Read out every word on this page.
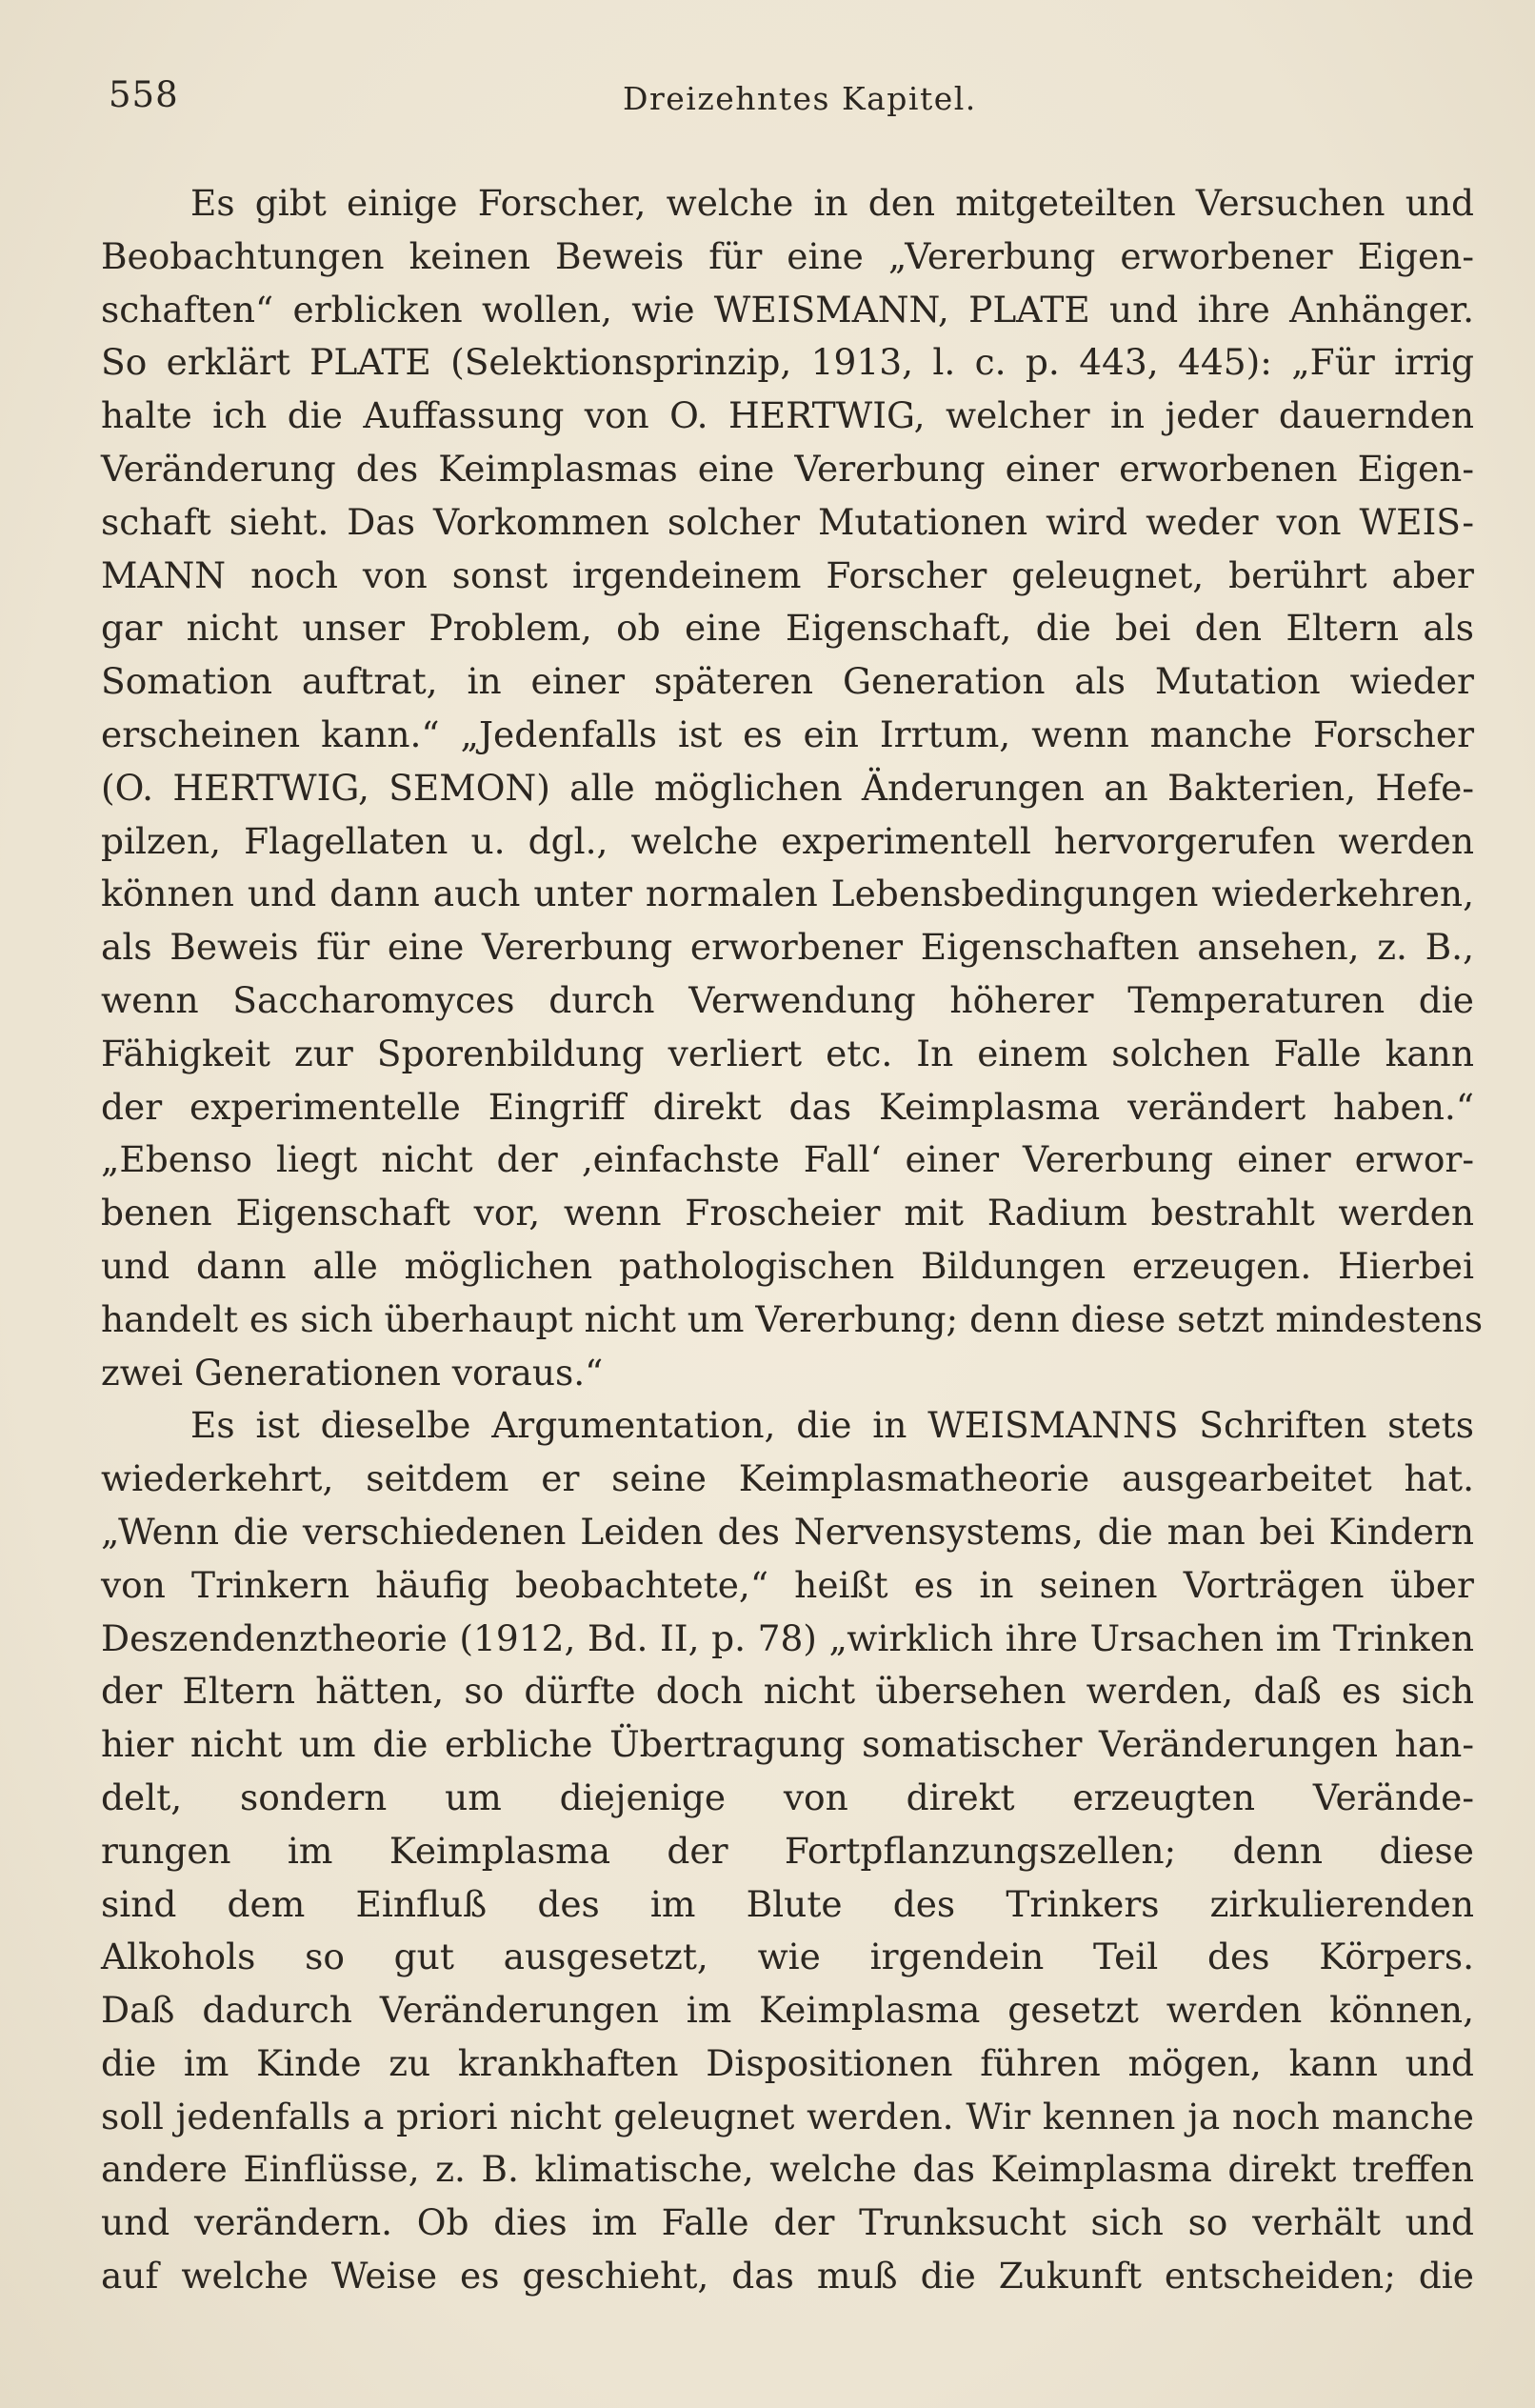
558	Dreizehntes Kapitel.
Es gibt einige Forscher, welche in den mitgeteilten Versuchen und
Beobachtungen keinen Beweis für eine „Vererbung erworbener Eigen-
schaften“ erblicken wollen, wie WEISMANN, PLATE und ihre Anhänger.
So erklärt PLATE (Selektionsprinzip, 1913, l. c. p. 443, 445): „Für irrig
halte ich die Auffassung von O. HERTWIG, welcher in jeder dauernden
Veränderung des Keimplasmas eine Vererbung einer erworbenen Eigen-
schaft sieht. Das Vorkommen solcher Mutationen wird weder von WEIS-
MANN noch von sonst irgendeinem Forscher geleugnet, berührt aber
gar nicht unser Problem, ob eine Eigenschaft, die bei den Eltern als
Somation auftrat, in einer späteren Generation als Mutation wieder
erscheinen kann.“ „Jedenfalls ist es ein Irrtum, wenn manche Forscher
(O. HERTWIG, SEMON) alle möglichen Änderungen an Bakterien, Hefe-
pilzen, Flagellaten u. dgl., welche experimentell hervorgerufen werden
können und dann auch unter normalen Lebensbedingungen wiederkehren,
als Beweis für eine Vererbung erworbener Eigenschaften ansehen, z. B.,
wenn Saccharomyces durch Verwendung höherer Temperaturen die
Fähigkeit zur Sporenbildung verliert etc. In einem solchen Falle kann
der experimentelle Eingriff direkt das Keimplasma verändert haben.“
„Ebenso liegt nicht der ‚einfachste Fall‘ einer Vererbung einer erwor-
benen Eigenschaft vor, wenn Froscheier mit Radium bestrahlt werden
und dann alle möglichen pathologischen Bildungen erzeugen. Hierbei
handelt es sich überhaupt nicht um Vererbung; denn diese setzt mindestens
zwei Generationen voraus.“
Es ist dieselbe Argumentation, die in WEISMANNS Schriften stets
wiederkehrt, seitdem er seine Keimplasmatheorie ausgearbeitet hat.
„Wenn die verschiedenen Leiden des Nervensystems, die man bei Kindern
von Trinkern häufig beobachtete,“ heißt es in seinen Vorträgen über
Deszendenztheorie (1912, Bd. II, p. 78) „wirklich ihre Ursachen im Trinken
der Eltern hätten, so dürfte doch nicht übersehen werden, daß es sich
hier nicht um die erbliche Übertragung somatischer Veränderungen han-
delt, sondern um diejenige von direkt erzeugten Verände-
rungen im Keimplasma der Fortpflanzungszellen; denn diese
sind dem Einfluß des im Blute des Trinkers zirkulierenden
Alkohols so gut ausgesetzt, wie irgendein Teil des Körpers.
Daß dadurch Veränderungen im Keimplasma gesetzt werden können,
die im Kinde zu krankhaften Dispositionen führen mögen, kann und
soll jedenfalls a priori nicht geleugnet werden. Wir kennen ja noch manche
andere Einflüsse, z. B. klimatische, welche das Keimplasma direkt treffen
und verändern. Ob dies im Falle der Trunksucht sich so verhält und
auf welche Weise es geschieht, das muß die Zukunft entscheiden; die
